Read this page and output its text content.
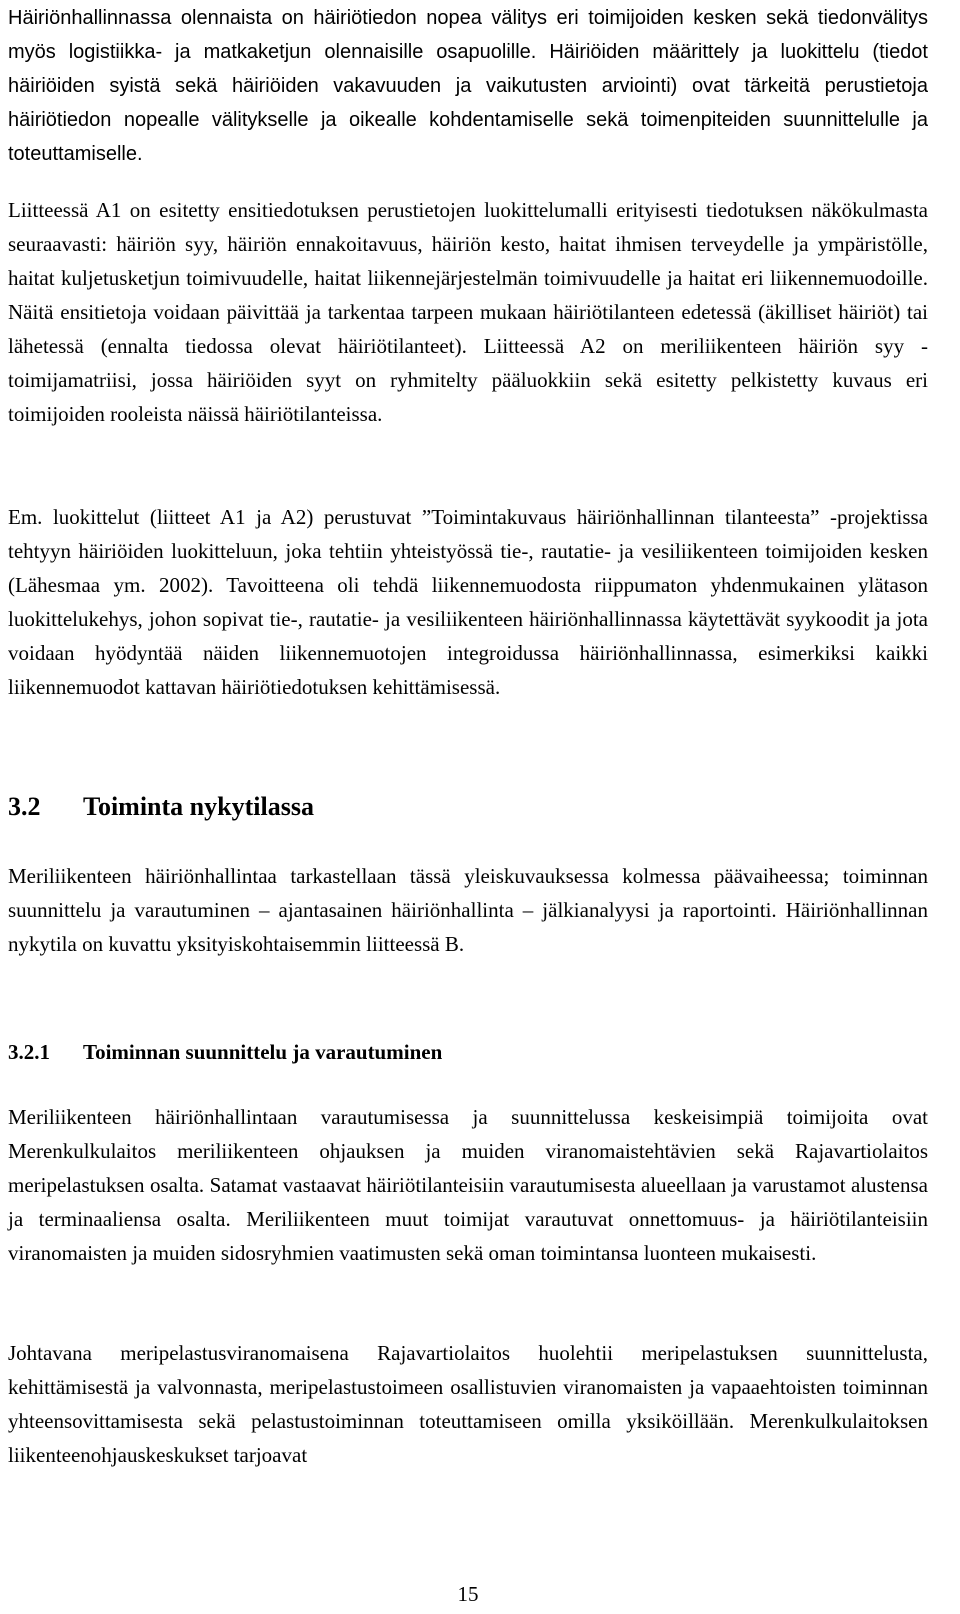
Häiriönhallinnassa olennaista on häiriötiedon nopea välitys eri toimijoiden kesken sekä tiedonvälitys myös logistiikka- ja matkaketjun olennaisille osapuolille. Häiriöiden määrittely ja luokittelu (tiedot häiriöiden syistä sekä häiriöiden vakavuuden ja vaikutusten arviointi) ovat tärkeitä perustietoja häiriötiedon nopealle välitykselle ja oikealle kohdentamiselle sekä toimenpiteiden suunnittelulle ja toteuttamiselle.

Liitteessä A1 on esitetty ensitiedotuksen perustietojen luokittelumalli erityisesti tiedotuksen näkökulmasta seuraavasti: häiriön syy, häiriön ennakoitavuus, häiriön kesto, haitat ihmisen terveydelle ja ympäristölle, haitat kuljetusketjun toimivuudelle, haitat liikennejärjestelmän toimivuudelle ja haitat eri liikennemuodoille. Näitä ensitietoja voidaan päivittää ja tarkentaa tarpeen mukaan häiriötilanteen edetessä (äkilliset häiriöt) tai lähetessä (ennalta tiedossa olevat häiriötilanteet). Liitteessä A2 on meriliikenteen häiriön syy -toimijamatriisi, jossa häiriöiden syyt on ryhmitelty pääluokkiin sekä esitetty pelkistetty kuvaus eri toimijoiden rooleista näissä häiriötilanteissa.

Em. luokittelut (liitteet A1 ja A2) perustuvat ”Toimintakuvaus häiriönhallinnan tilanteesta” -projektissa tehtyyn häiriöiden luokitteluun, joka tehtiin yhteistyössä tie-, rautatie- ja vesiliikenteen toimijoiden kesken (Lähesmaa ym. 2002). Tavoitteena oli tehdä liikennemuodosta riippumaton yhdenmukainen ylätason luokittelukehys, johon sopivat tie-, rautatie- ja vesiliikenteen häiriönhallinnassa käytettävät syykoodit ja jota voidaan hyödyntää näiden liikennemuotojen integroidussa häiriönhallinnassa, esimerkiksi kaikki liikennemuodot kattavan häiriötiedotuksen kehittämisessä.

3.2 Toiminta nykytilassa

Meriliikenteen häiriönhallintaa tarkastellaan tässä yleiskuvauksessa kolmessa päävaiheessa; toiminnan suunnittelu ja varautuminen – ajantasainen häiriönhallinta – jälkianalyysi ja raportointi. Häiriönhallinnan nykytila on kuvattu yksityiskohtaisemmin liitteessä B.

3.2.1 Toiminnan suunnittelu ja varautuminen

Meriliikenteen häiriönhallintaan varautumisessa ja suunnittelussa keskeisimpiä toimijoita ovat Merenkulkulaitos meriliikenteen ohjauksen ja muiden viranomaistehtävien sekä Rajavartiolaitos meripelastuksen osalta. Satamat vastaavat häiriötilanteisiin varautumisesta alueellaan ja varustamot alustensa ja terminaaliensa osalta. Meriliikenteen muut toimijat varautuvat onnettomuus- ja häiriötilanteisiin viranomaisten ja muiden sidosryhmien vaatimusten sekä oman toimintansa luonteen mukaisesti.

Johtavana meripelastusviranomaisena Rajavartiolaitos huolehtii meripelastuksen suunnittelusta, kehittämisestä ja valvonnasta, meripelastustoimeen osallistuvien viranomaisten ja vapaaehtoisten toiminnan yhteensovittamisesta sekä pelastustoiminnan toteuttamiseen omilla yksiköillään. Merenkulkulaitoksen liikenteenohjauskeskukset tarjoavat

15
